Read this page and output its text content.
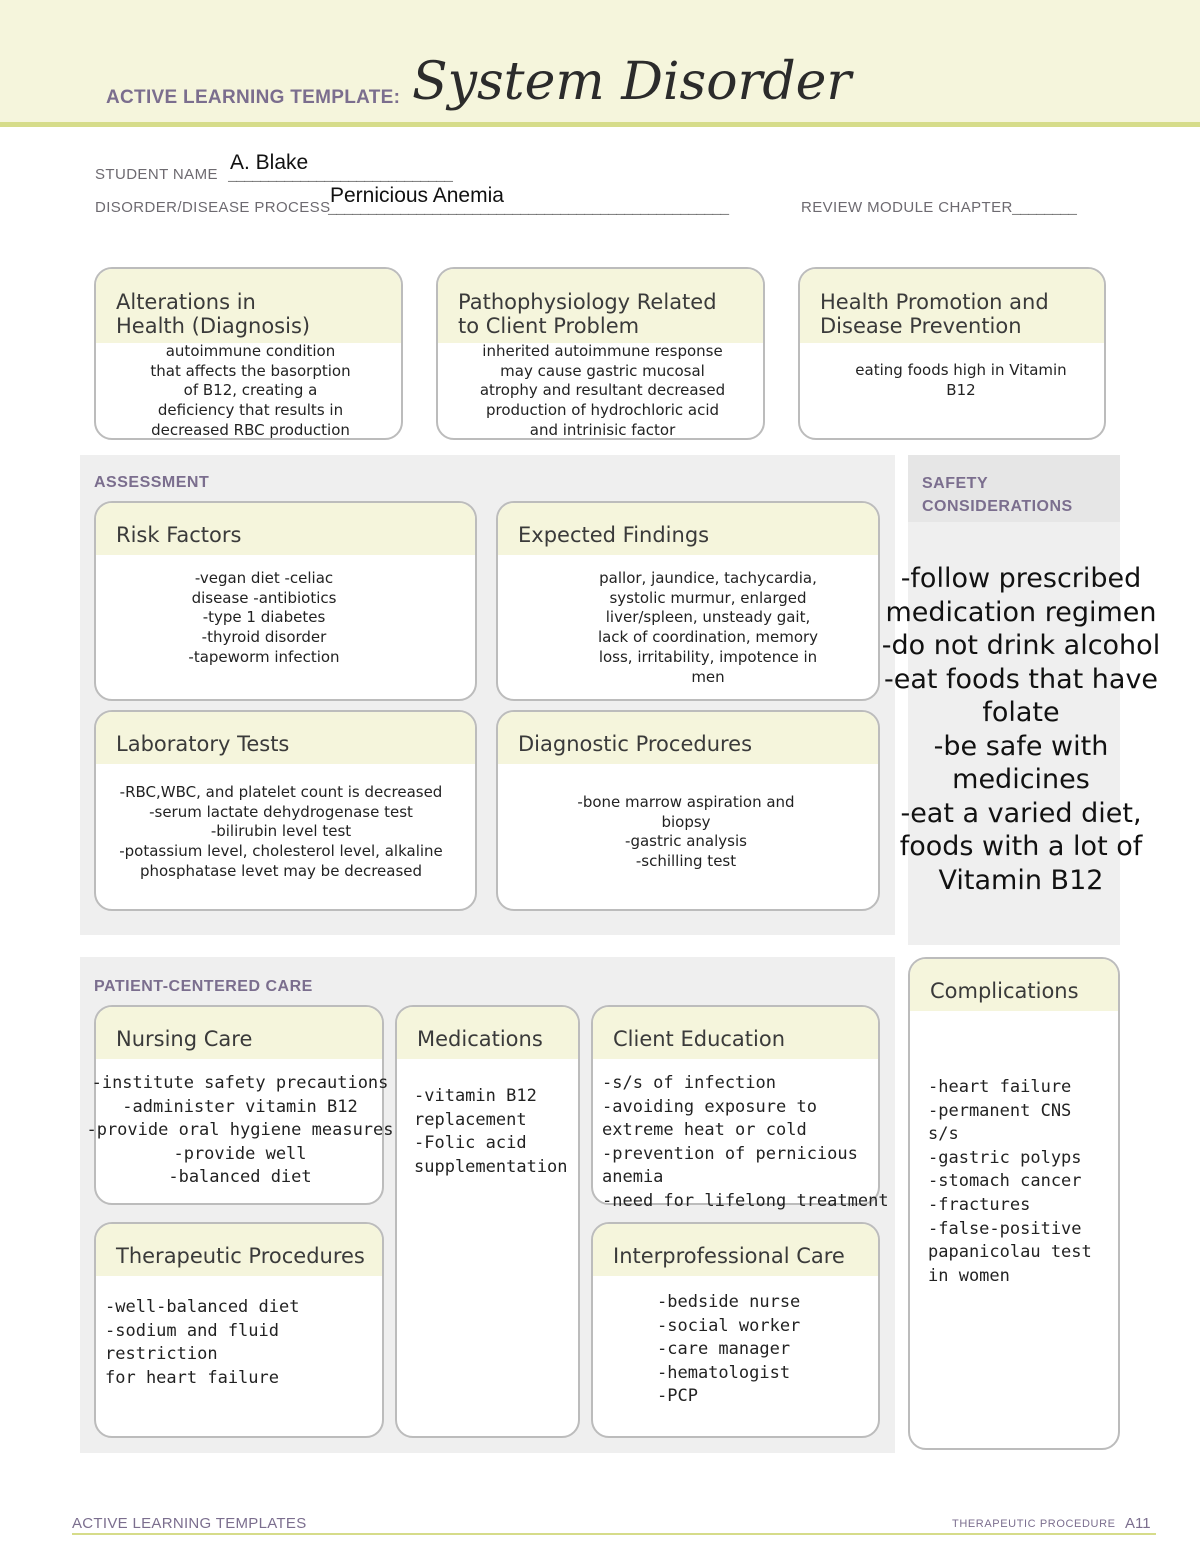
ACTIVE LEARNING TEMPLATE: System Disorder
STUDENT NAME ____________________________
A. Blake
DISORDER/DISEASE PROCESS
__________________________________________________
Pernicious Anemia
REVIEW MODULE CHAPTER ________
Alterations in
Health (Diagnosis)
autoimmune condition
that affects the basorption
of B12, creating a
deficiency that results in
decreased RBC production
Pathophysiology Related
to Client Problem
inherited autoimmune response
may cause gastric mucosal
atrophy and resultant decreased
production of hydrochloric acid
and intrinisic factor
Health Promotion and
Disease Prevention
eating foods high in Vitamin
B12
ASSESSMENT
Risk Factors
-vegan diet -celiac
disease -antibiotics
-type 1 diabetes
-thyroid disorder
-tapeworm infection
Expected Findings
pallor, jaundice, tachycardia,
systolic murmur, enlarged
liver/spleen, unsteady gait,
lack of coordination, memory
loss, irritability, impotence in
men
Laboratory Tests
-RBC,WBC, and platelet count is decreased
-serum lactate dehydrogenase test
-bilirubin level test
-potassium level, cholesterol level, alkaline
phosphatase levet may be decreased
Diagnostic Procedures
-bone marrow aspiration and
biopsy
-gastric analysis
-schilling test
SAFETY
CONSIDERATIONS
-follow prescribed
medication regimen
-do not drink alcohol
-eat foods that have
folate
-be safe with
medicines
-eat a varied diet,
foods with a lot of
Vitamin B12
PATIENT-CENTERED CARE
Nursing Care
-institute safety precautions
-administer vitamin B12
-provide oral hygiene measures
-provide well
-balanced diet
Medications
-vitamin B12
replacement
-Folic acid
supplementation
Client Education
-s/s of infection
-avoiding exposure to
extreme heat or cold
-prevention of pernicious anemia
-need for lifelong treatment
Therapeutic Procedures
-well-balanced diet
-sodium and fluid restriction
for heart failure
Interprofessional Care
-bedside nurse
-social worker
-care manager
-hematologist
-PCP
Complications
-heart failure
-permanent CNS
s/s
-gastric polyps
-stomach cancer
-fractures
-false-positive
papanicolau test
in women
ACTIVE LEARNING TEMPLATES	THERAPEUTIC PROCEDURE A11
